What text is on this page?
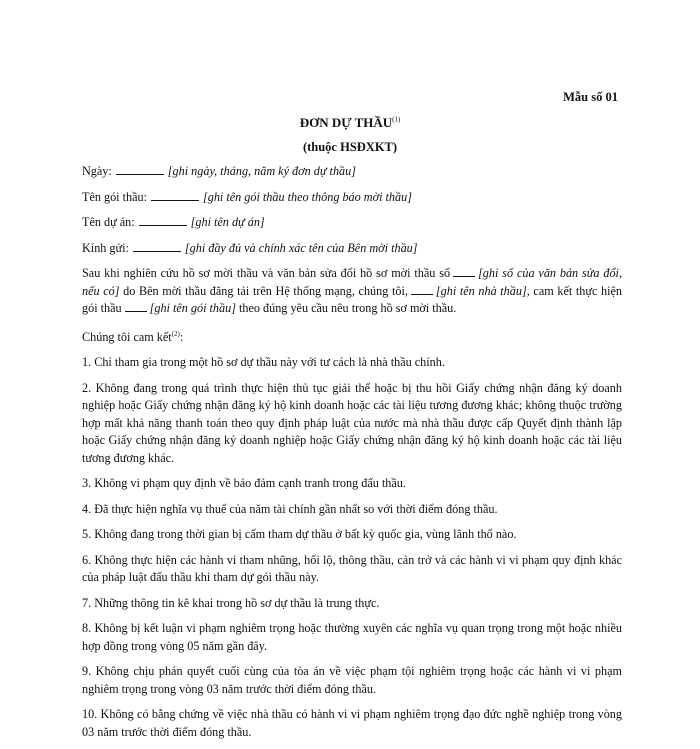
Mẫu số 01
ĐƠN DỰ THẦU$^{(1)}$
(thuộc HSĐXKT)
Ngày:	[ghi ngày, tháng, năm ký đơn dự thầu]
Tên gói thầu:	[ghi tên gói thầu theo thông báo mời thầu]
Tên dự án:	[ghi tên dự án]
Kính gửi:	[ghi đầy đủ và chính xác tên của Bên mời thầu]
Sau khi nghiên cứu hồ sơ mời thầu và văn bản sửa đổi hồ sơ mời thầu số [ghi số của văn bản sửa đổi, nếu có] do Bên mời thầu đăng tải trên Hệ thống mạng, chúng tôi, [ghi tên nhà thầu], cam kết thực hiện gói thầu [ghi tên gói thầu] theo đúng yêu cầu nêu trong hồ sơ mời thầu.
Chúng tôi cam kết$^{(2)}$:
1. Chỉ tham gia trong một hồ sơ dự thầu này với tư cách là nhà thầu chính.
2. Không đang trong quá trình thực hiện thủ tục giải thể hoặc bị thu hồi Giấy chứng nhận đăng ký doanh nghiệp hoặc Giấy chứng nhận đăng ký hộ kinh doanh hoặc các tài liệu tương đương khác; không thuộc trường hợp mất khả năng thanh toán theo quy định pháp luật của nước mà nhà thầu được cấp Quyết định thành lập hoặc Giấy chứng nhận đăng ký doanh nghiệp hoặc Giấy chứng nhận đăng ký hộ kinh doanh hoặc các tài liệu tương đương khác.
3. Không vi phạm quy định về bảo đảm cạnh tranh trong đấu thầu.
4. Đã thực hiện nghĩa vụ thuế của năm tài chính gần nhất so với thời điểm đóng thầu.
5. Không đang trong thời gian bị cấm tham dự thầu ở bất kỳ quốc gia, vùng lãnh thổ nào.
6. Không thực hiện các hành vi tham nhũng, hối lộ, thông thầu, cản trở và các hành vi vi phạm quy định khác của pháp luật đấu thầu khi tham dự gói thầu này.
7. Những thông tin kê khai trong hồ sơ dự thầu là trung thực.
8. Không bị kết luận vi phạm nghiêm trọng hoặc thường xuyên các nghĩa vụ quan trọng trong một hoặc nhiều hợp đồng trong vòng 05 năm gần đây.
9. Không chịu phán quyết cuối cùng của tòa án về việc phạm tội nghiêm trọng hoặc các hành vi vi phạm nghiêm trọng trong vòng 03 năm trước thời điểm đóng thầu.
10. Không có bằng chứng về việc nhà thầu có hành vi vi phạm nghiêm trọng đạo đức nghề nghiệp trong vòng 03 năm trước thời điểm đóng thầu.
